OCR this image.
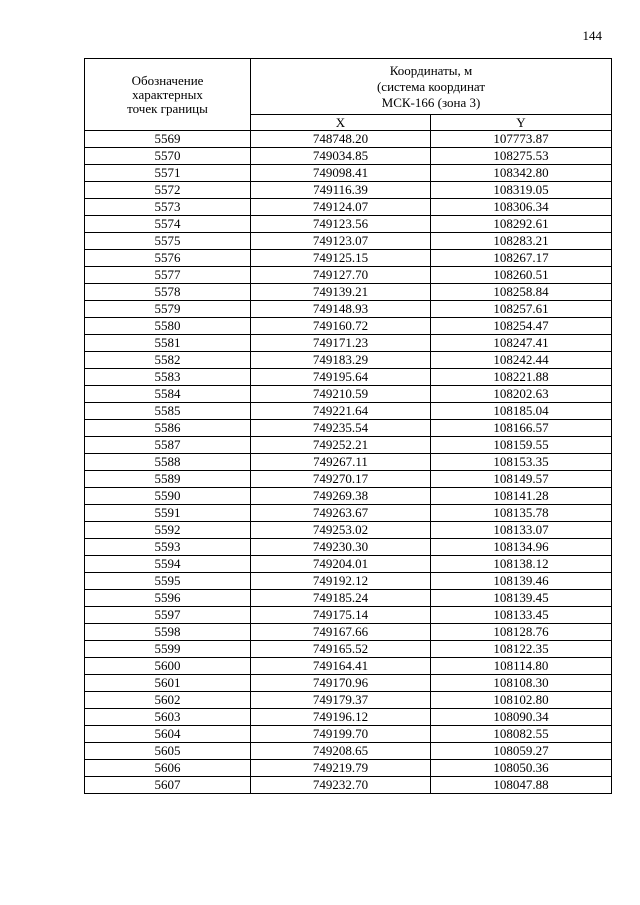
144
Обозначение
характерных
точек границы	Координаты, м
(система координат
МСК-166 (зона 3)	

	X	Y
5569	748748.20	107773.87
5570	749034.85	108275.53
5571	749098.41	108342.80
5572	749116.39	108319.05
5573	749124.07	108306.34
5574	749123.56	108292.61
5575	749123.07	108283.21
5576	749125.15	108267.17
5577	749127.70	108260.51
5578	749139.21	108258.84
5579	749148.93	108257.61
5580	749160.72	108254.47
5581	749171.23	108247.41
5582	749183.29	108242.44
5583	749195.64	108221.88
5584	749210.59	108202.63
5585	749221.64	108185.04
5586	749235.54	108166.57
5587	749252.21	108159.55
5588	749267.11	108153.35
5589	749270.17	108149.57
5590	749269.38	108141.28
5591	749263.67	108135.78
5592	749253.02	108133.07
5593	749230.30	108134.96
5594	749204.01	108138.12
5595	749192.12	108139.46
5596	749185.24	108139.45
5597	749175.14	108133.45
5598	749167.66	108128.76
5599	749165.52	108122.35
5600	749164.41	108114.80
5601	749170.96	108108.30
5602	749179.37	108102.80
5603	749196.12	108090.34
5604	749199.70	108082.55
5605	749208.65	108059.27
5606	749219.79	108050.36
5607	749232.70	108047.88
